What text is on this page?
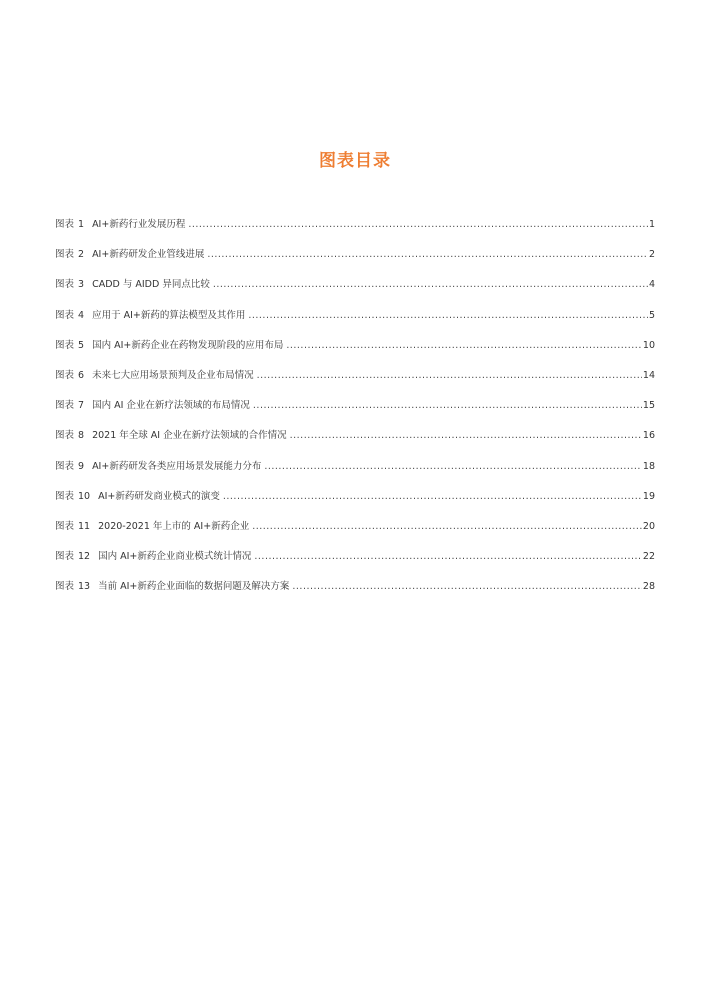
图表目录
图表 1 AI+新药行业发展历程 .....	1
图表 2 AI+新药研发企业管线进展 .....	2
图表 3 CADD 与 AIDD 异同点比较 .....	4
图表 4 应用于 AI+新药的算法模型及其作用 .....	5
图表 5 国内 AI+新药企业在药物发现阶段的应用布局 .....	10
图表 6 未来七大应用场景预判及企业布局情况 .....	14
图表 7 国内 AI 企业在新疗法领域的布局情况 .....	15
图表 8 2021 年全球 AI 企业在新疗法领域的合作情况 .....	16
图表 9 AI+新药研发各类应用场景发展能力分布 .....	18
图表 10 AI+新药研发商业模式的演变 .....	19
图表 11 2020-2021 年上市的 AI+新药企业 .....	20
图表 12 国内 AI+新药企业商业模式统计情况 .....	22
图表 13 当前 AI+新药企业面临的数据问题及解决方案 .....	28
